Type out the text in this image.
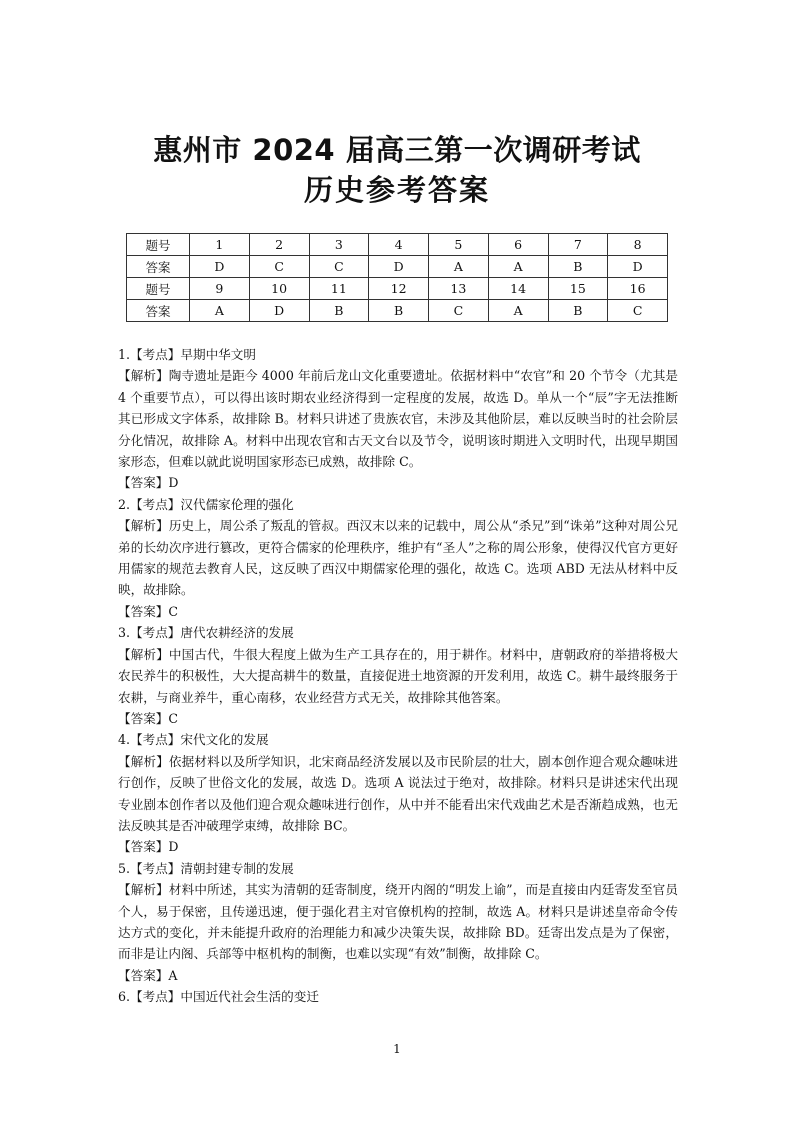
惠州市 2024 届高三第一次调研考试
历史参考答案
题号	1	2	3	4	5	6	7	8
答案	D	C	C	D	A	A	B	D
题号	9	10	11	12	13	14	15	16
答案	A	D	B	B	C	A	B	C

1.【考点】早期中华文明

【解析】陶寺遗址是距今 4000 年前后龙山文化重要遗址。依据材料中“农官”和 20 个节令（尤其是 4 个重要节点），可以得出该时期农业经济得到一定程度的发展，故选 D。单从一个“辰”字无法推断其已形成文字体系，故排除 B。材料只讲述了贵族农官，未涉及其他阶层，难以反映当时的社会阶层分化情况，故排除 A。材料中出现农官和古天文台以及节令，说明该时期进入文明时代，出现早期国家形态，但难以就此说明国家形态已成熟，故排除 C。

【答案】D

2.【考点】汉代儒家伦理的强化

【解析】历史上，周公杀了叛乱的管叔。西汉末以来的记载中，周公从“杀兄”到“诛弟”这种对周公兄弟的长幼次序进行篡改，更符合儒家的伦理秩序，维护有“圣人”之称的周公形象，使得汉代官方更好用儒家的规范去教育人民，这反映了西汉中期儒家伦理的强化，故选 C。选项 ABD 无法从材料中反映，故排除。

【答案】C

3.【考点】唐代农耕经济的发展

【解析】中国古代，牛很大程度上做为生产工具存在的，用于耕作。材料中，唐朝政府的举措将极大农民养牛的积极性，大大提高耕牛的数量，直接促进土地资源的开发利用，故选 C。耕牛最终服务于农耕，与商业养牛，重心南移，农业经营方式无关，故排除其他答案。

【答案】C

4.【考点】宋代文化的发展

【解析】依据材料以及所学知识，北宋商品经济发展以及市民阶层的壮大，剧本创作迎合观众趣味进行创作，反映了世俗文化的发展，故选 D。选项 A 说法过于绝对，故排除。材料只是讲述宋代出现专业剧本创作者以及他们迎合观众趣味进行创作，从中并不能看出宋代戏曲艺术是否渐趋成熟，也无法反映其是否冲破理学束缚，故排除 BC。

【答案】D

5.【考点】清朝封建专制的发展

【解析】材料中所述，其实为清朝的廷寄制度，绕开内阁的“明发上谕”，而是直接由内廷寄发至官员个人，易于保密，且传递迅速，便于强化君主对官僚机构的控制，故选 A。材料只是讲述皇帝命令传达方式的变化，并未能提升政府的治理能力和减少决策失误，故排除 BD。廷寄出发点是为了保密，而非是让内阁、兵部等中枢机构的制衡，也难以实现“有效”制衡，故排除 C。

【答案】A

6.【考点】中国近代社会生活的变迁

1
